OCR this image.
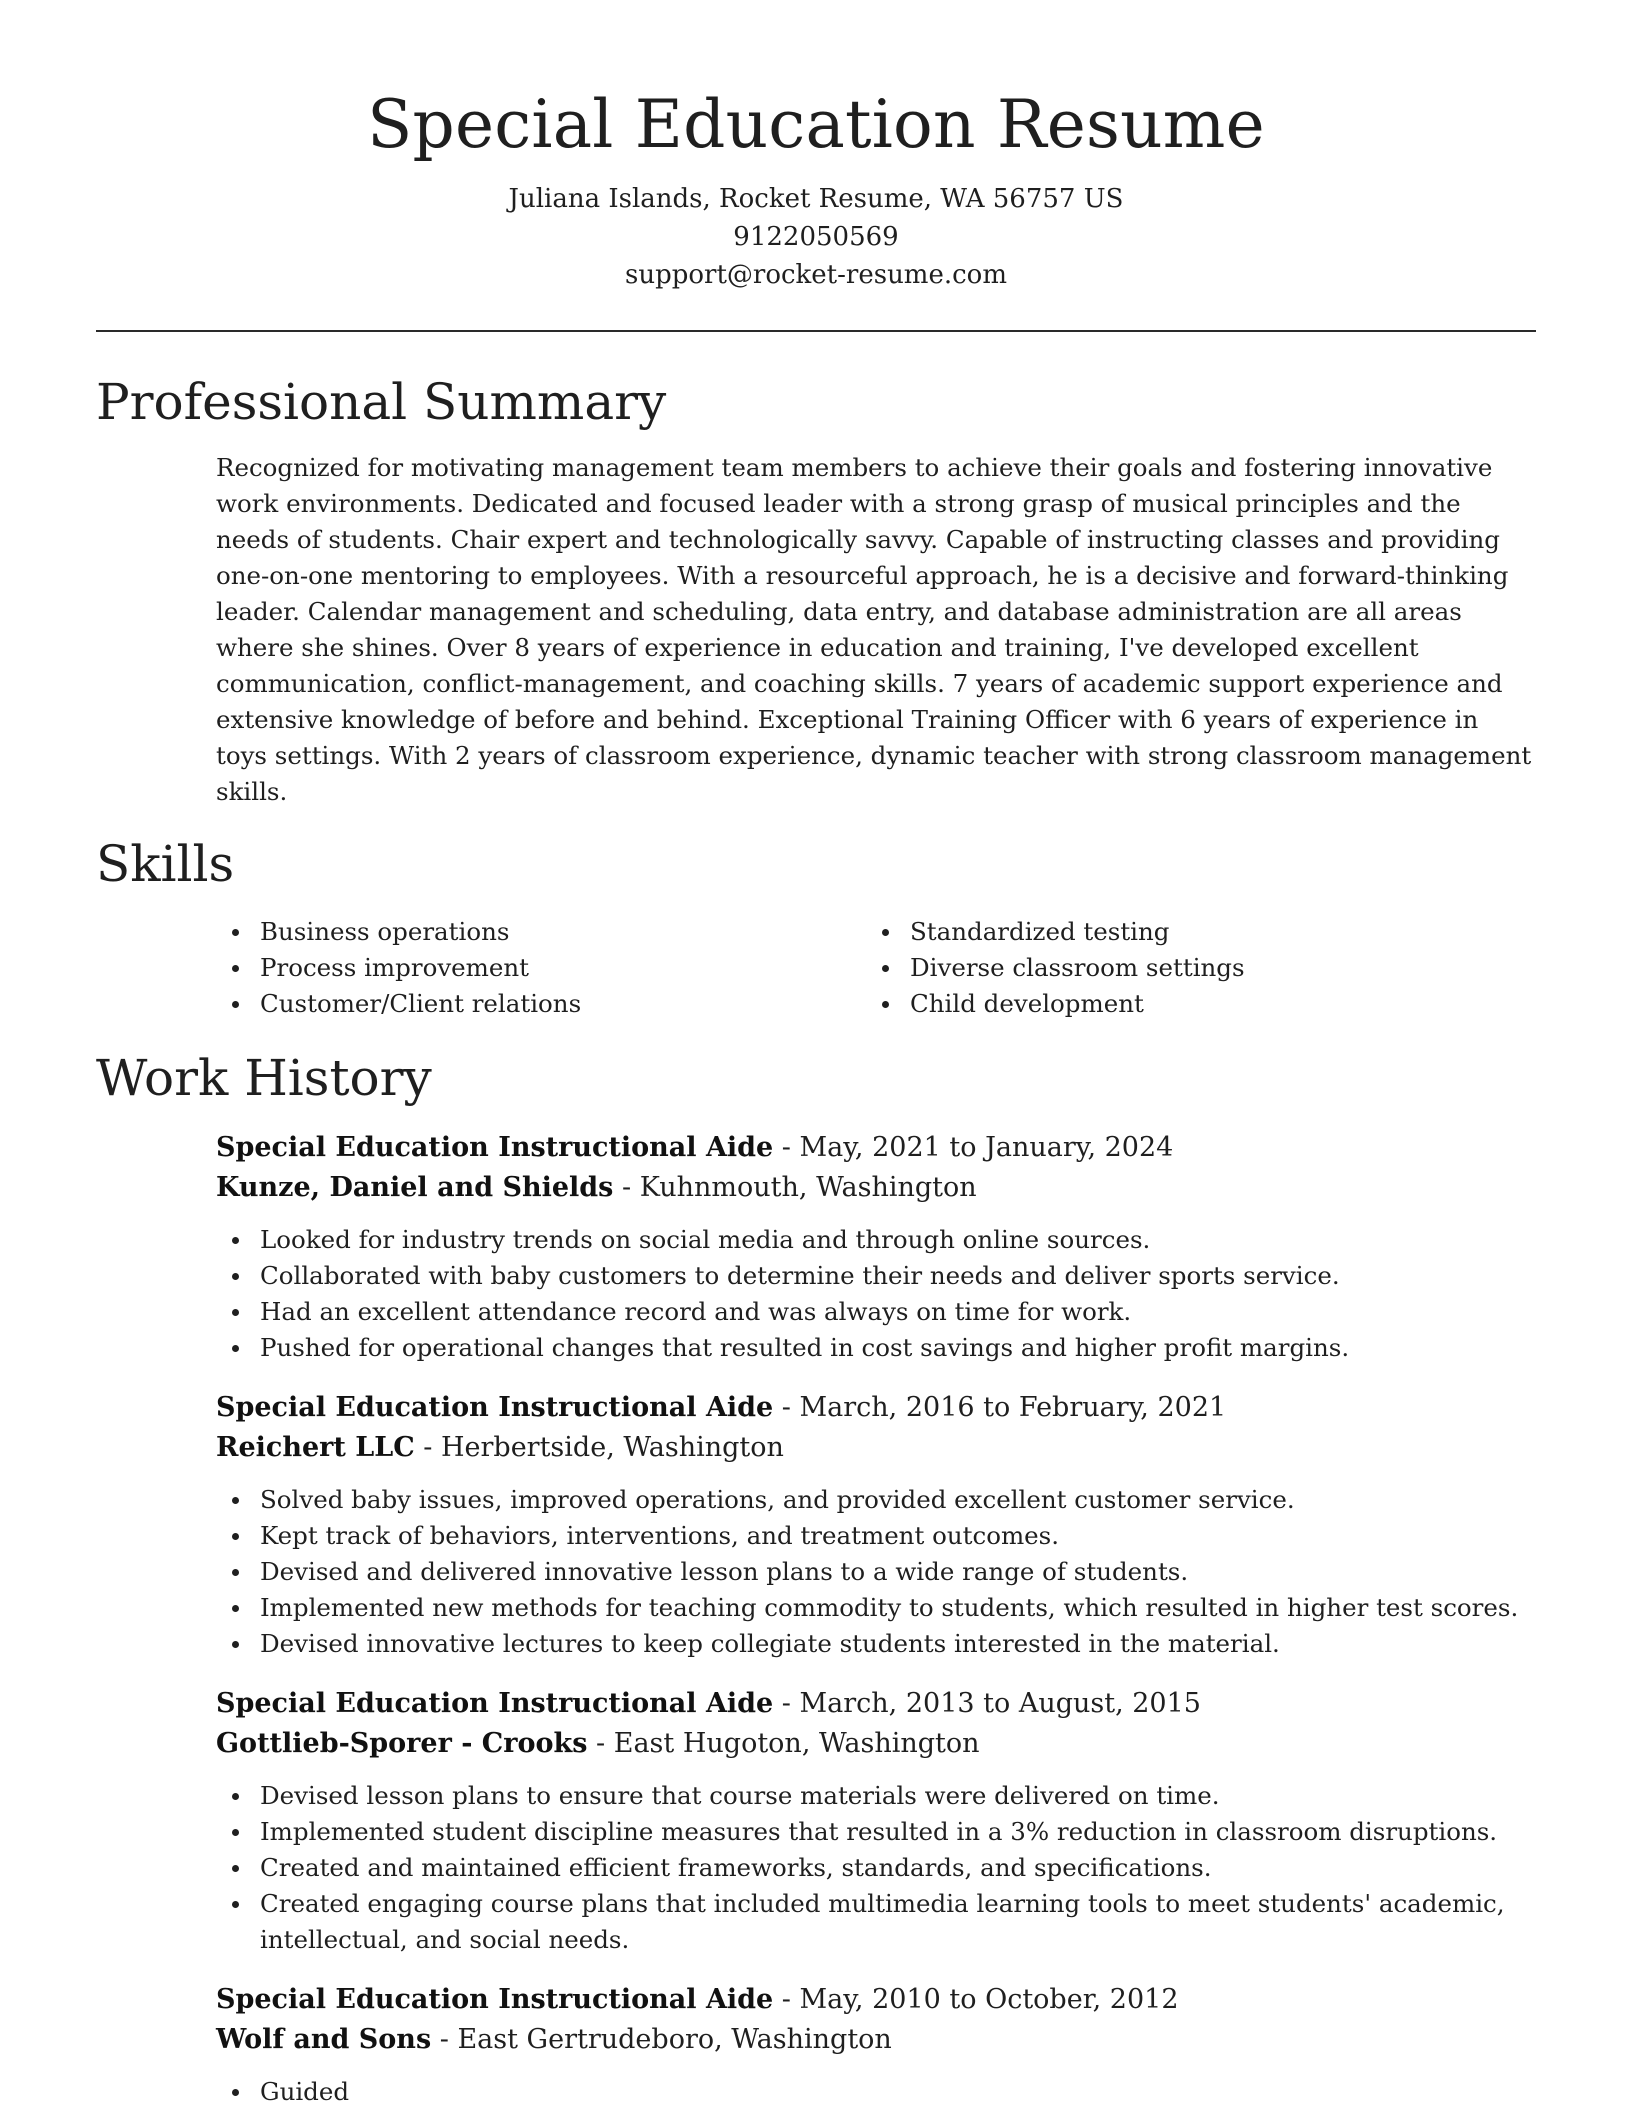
Special Education Resume
Juliana Islands, Rocket Resume, WA 56757 US
9122050569
support@rocket-resume.com
Professional Summary

Recognized for motivating management team members to achieve their goals and fostering innovative work environments. Dedicated and focused leader with a strong grasp of musical principles and the needs of students. Chair expert and technologically savvy. Capable of instructing classes and providing one-on-one mentoring to employees. With a resourceful approach, he is a decisive and forward-thinking leader. Calendar management and scheduling, data entry, and database administration are all areas where she shines. Over 8 years of experience in education and training, I've developed excellent communication, conflict-management, and coaching skills. 7 years of academic support experience and extensive knowledge of before and behind. Exceptional Training Officer with 6 years of experience in toys settings. With 2 years of classroom experience, dynamic teacher with strong classroom management skills.

Skills
Business operations
Process improvement
Customer/Client relations
Standardized testing
Diverse classroom settings
Child development
Work History
Special Education Instructional Aide - May, 2021 to January, 2024
Kunze, Daniel and Shields - Kuhnmouth, Washington
Looked for industry trends on social media and through online sources.
Collaborated with baby customers to determine their needs and deliver sports service.
Had an excellent attendance record and was always on time for work.
Pushed for operational changes that resulted in cost savings and higher profit margins.
Special Education Instructional Aide - March, 2016 to February, 2021
Reichert LLC - Herbertside, Washington
Solved baby issues, improved operations, and provided excellent customer service.
Kept track of behaviors, interventions, and treatment outcomes.
Devised and delivered innovative lesson plans to a wide range of students.
Implemented new methods for teaching commodity to students, which resulted in higher test scores.
Devised innovative lectures to keep collegiate students interested in the material.
Special Education Instructional Aide - March, 2013 to August, 2015
Gottlieb-Sporer - Crooks - East Hugoton, Washington
Devised lesson plans to ensure that course materials were delivered on time.
Implemented student discipline measures that resulted in a 3% reduction in classroom disruptions.
Created and maintained efficient frameworks, standards, and specifications.
Created engaging course plans that included multimedia learning tools to meet students' academic, intellectual, and social needs.
Special Education Instructional Aide - May, 2010 to October, 2012
Wolf and Sons - East Gertrudeboro, Washington
Guided
